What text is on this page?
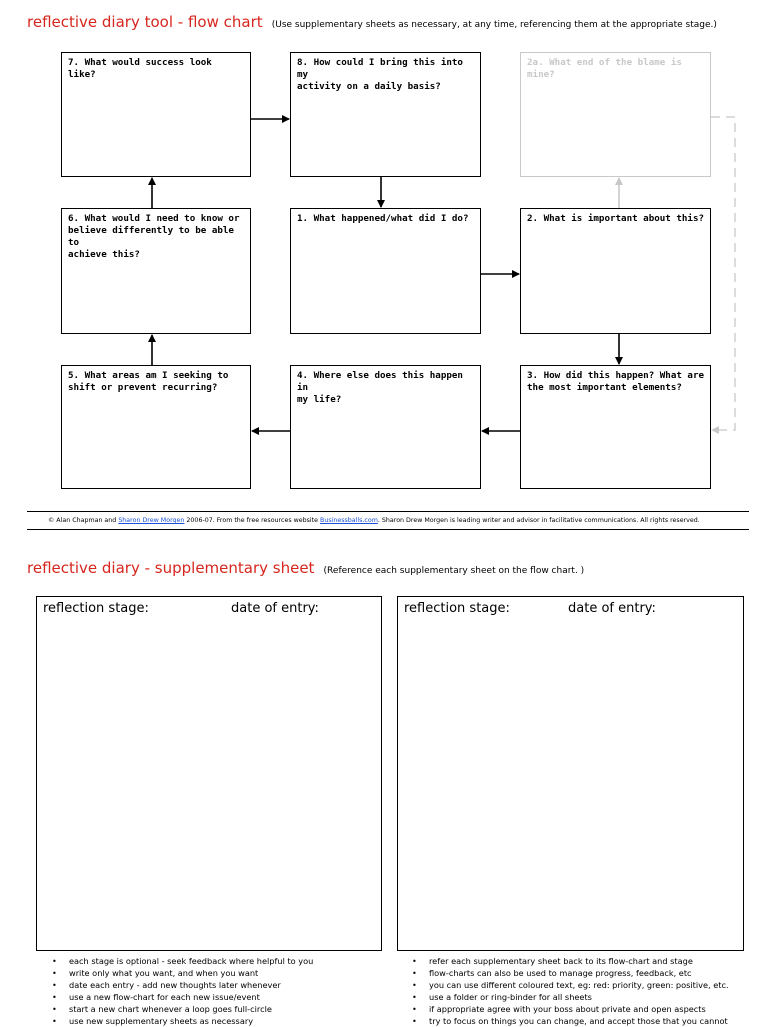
reflective diary tool - flow chart (Use supplementary sheets as necessary, at any time, referencing them at the appropriate stage.)
7. What would success look like?
8. How could I bring this into my
activity on a daily basis?
2a. What end of the blame is
mine?
6. What would I need to know or
believe differently to be able to
achieve this?
1. What happened/what did I do?	2. What is important about this?
5. What areas am I seeking to
shift or prevent recurring?
4. Where else does this happen in
my life?
3. How did this happen? What are
the most important elements?
© Alan Chapman and Sharon Drew Morgen 2006-07. From the free resources website Businessballs.com. Sharon Drew Morgen is leading writer and advisor in facilitative communications. All rights reserved.
reflective diary - supplementary sheet (Reference each supplementary sheet on the flow chart. )
reflection stage:	date of entry:	reflection stage:	date of entry:
• each stage is optional - seek feedback where helpful to you
• write only what you want, and when you want
• date each entry - add new thoughts later whenever
• use a new flow-chart for each new issue/event
• start a new chart whenever a loop goes full-circle
• use new supplementary sheets as necessary
• refer each supplementary sheet back to its flow-chart and stage
• flow-charts can also be used to manage progress, feedback, etc
• you can use different coloured text, eg: red: priority, green: positive, etc.
• use a folder or ring-binder for all sheets
• if appropriate agree with your boss about private and open aspects
• try to focus on things you can change, and accept those that you cannot
